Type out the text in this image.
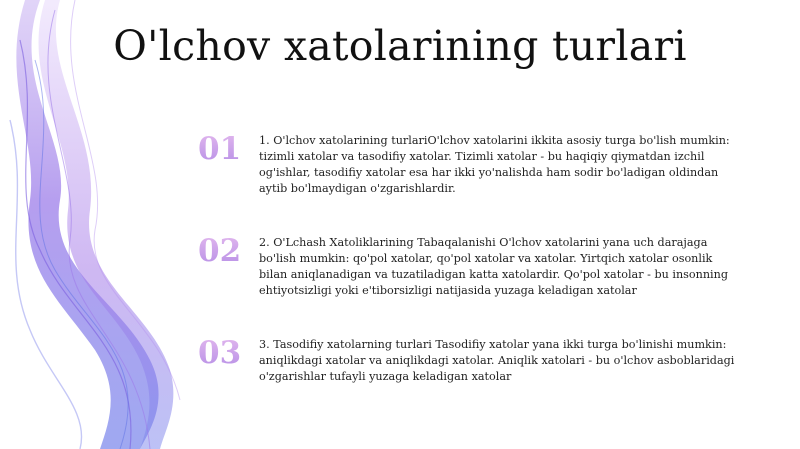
O'lchov xatolarining turlari
01	1. O'lchov xatolarining turlariO'lchov xatolarini ikkita asosiy turga bo'lish mumkin: tizimli xatolar va tasodifiy xatolar. Tizimli xatolar - bu haqiqiy qiymatdan izchil og'ishlar, tasodifiy xatolar esa har ikki yo'nalishda ham sodir bo'ladigan oldindan aytib bo'lmaydigan o'zgarishlardir.
02	2. O'Lchash Xatoliklarining Tabaqalanishi O'lchov xatolarini yana uch darajaga bo'lish mumkin: qo'pol xatolar, qo'pol xatolar va xatolar. Yirtqich xatolar osonlik bilan aniqlanadigan va tuzatiladigan katta xatolardir. Qo'pol xatolar - bu insonning ehtiyotsizligi yoki e'tiborsizligi natijasida yuzaga keladigan xatolar
03	3. Tasodifiy xatolarning turlari Tasodifiy xatolar yana ikki turga bo'linishi mumkin: aniqlikdagi xatolar va aniqlikdagi xatolar. Aniqlik xatolari - bu o'lchov asboblaridagi o'zgarishlar tufayli yuzaga keladigan xatolar
